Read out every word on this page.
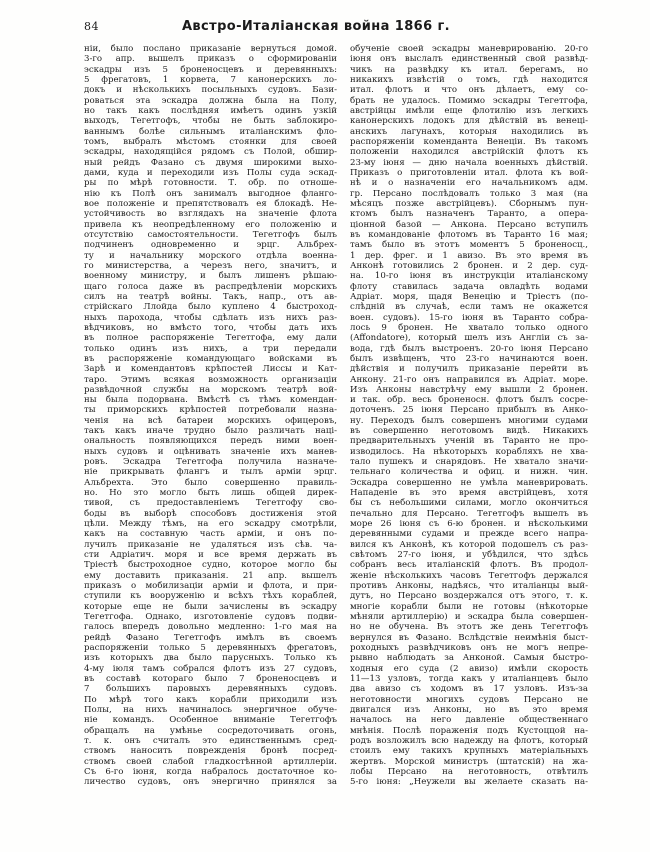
84	Австро-Италіанская война 1866 г.
ніи, было послано приказаніе вернуться домой.
3-го апр. вышелъ приказъ о сформированіи
эскадры изъ 5 броненосцевъ и деревянныхъ:
5 фрегатовъ, 1 корвета, 7 канонерскихъ ло-
докъ и нѣсколькихъ посыльныхъ судовъ. Бази-
роваться эта эскадра должна была на Полу,
но такъ какъ послѣдняя имѣетъ одинъ узкій
выходъ, Тегетгофъ, чтобы не быть заблокиро-
ваннымъ болѣе сильнымъ италіанскимъ фло-
томъ, выбралъ мѣстомъ стоянки для своей
эскадры, находящійся рядомъ съ Полой, обшир-
ный рейдъ Фазано съ двумя широкими выхо-
дами, куда и переходили изъ Полы суда эскад-
ры по мѣрѣ готовности. Т. обр. по отноше-
нію къ Полѣ онъ занималъ выгодное фланго-
вое положеніе и препятствовалъ ея блокадѣ. Не-
устойчивость во взглядахъ на значеніе флота
привела къ неопредѣленному его положенію и
отсутствію самостоятельности. Тегетгофъ былъ
подчиненъ одновременно и эрцг. Альбрех-
ту и начальнику морского отдѣла военна-
го министерства, а черезъ него, значитъ, и
военному министру, и былъ лишенъ рѣшаю-
щаго голоса даже въ распредѣленіи морскихъ
силъ на театрѣ войны. Такъ, напр., отъ ав-
стрійскаго Ллойда было куплено 4 быстроход-
ныхъ парохода, чтобы сдѣлать изъ нихъ раз-
вѣдчиковъ, но вмѣсто того, чтобы дать ихъ
въ полное распоряженіе Тегетгофа, ему дали
только одинъ изъ нихъ, а три передали
въ распоряженіе командующаго войсками въ
Зарѣ и комендантовъ крѣпостей Лиссы и Кат-
таро. Этимъ всякая возможность организаціи
развѣдочной службы на морскомъ театрѣ вой-
ны была подорвана. Вмѣстѣ съ тѣмъ комендан-
ты приморскихъ крѣпостей потребовали назна-
ченія на всѣ батареи морскихъ офицеровъ,
такъ какъ иначе трудно было различать наці-
ональность появляющихся передъ ними воен-
ныхъ судовъ и оцѣнивать значеніе ихъ манев-
ровъ. Эскадра Тегетгофа получила назначе-
ніе прикрывать флангъ и тылъ арміи эрцг.
Альбрехта. Это было совершенно правиль-
но. Но это могло быть лишь общей дирек-
тивой, съ предоставленіемъ Тегетгофу сво-
боды въ выборѣ способовъ достиженія этой
цѣли. Между тѣмъ, на его эскадру смотрѣли,
какъ на составную часть арміи, и онъ по-
лучилъ приказаніе не удаляться изъ сѣв. ча-
сти Адріатич. моря и все время держать въ
Тріестѣ быстроходное судно, которое могло бы
ему доставить приказанія. 21 апр. вышелъ
приказъ о мобилизаціи арміи и флота, и при-
ступили къ вооруженію и всѣхъ тѣхъ кораблей,
которые еще не были зачислены въ эскадру
Тегетгофа. Однако, изготовленіе судовъ подви-
галось впередъ довольно медленно: 1-го мая на
рейдѣ Фазано Тегетгофъ имѣлъ въ своемъ
распоряженіи только 5 деревянныхъ фрегатовъ,
изъ которыхъ два было парусныхъ. Только къ
4-му іюля тамъ собрался флотъ изъ 27 судовъ,
въ составѣ котораго было 7 броненосцевъ и
7 большихъ паровыхъ деревянныхъ судовъ.
По мѣрѣ того какъ корабли приходили изъ
Полы, на нихъ начиналось энергичное обуче-
ніе командъ. Особенное вниманіе Тегетгофъ
обращалъ на умѣнье сосредоточивать огонь,
т. к. онъ считалъ это единственнымъ сред-
ствомъ наносить поврежденія бронѣ посред-
ствомъ своей слабой гладкостѣнной артиллеріи.
Съ 6-го іюня, когда набралось достаточное ко-
личество судовъ, онъ энергично принялся за
обученіе своей эскадры маневрированію. 20-го
іюня онъ выслалъ единственный свой развѣд-
чикъ на развѣдку къ итал. берегамъ, но
никакихъ извѣстій о томъ, гдѣ находится
итал. флотъ и что онъ дѣлаетъ, ему со-
брать не удалось. Помимо эскадры Тегетгофа,
австрійцы имѣли еще флотилію изъ легкихъ
канонерскихъ лодокъ для дѣйствій въ венеці-
анскихъ лагунахъ, которыя находились въ
распоряженіи коменданта Венеціи. Въ такомъ
положеніи находился австрійскій флотъ къ
23-му іюня — дню начала военныхъ дѣйствій.
Приказъ о приготовленіи итал. флота къ вой-
нѣ и о назначеніи его начальникомъ адм.
гр. Персано послѣдовалъ только 3 мая (на
мѣсяцъ позже австрійцевъ). Сборнымъ пун-
ктомъ былъ назначенъ Таранто, а опера-
ціонной базой — Анкона. Персано вступилъ
въ командованіе флотомъ въ Таранто 16 мая;
тамъ было въ этотъ моментъ 5 броненосц.,
1 дер. фрег. и 1 авизо. Въ это время въ
Анконѣ готовились 2 бронен. и 2 дер. суд-
на. 10-го іюня въ инструкціи италіанскому
флоту ставилась задача овладѣть водами
Адріат. моря, щадя Венецію и Тріестъ (по-
слѣдній въ случаѣ, если тамъ не окажется
воен. судовъ). 15-го іюня въ Таранто собра-
лось 9 бронен. Не хватало только одного
(Affondatore), который шелъ изъ Англіи съ за-
вода, гдѣ былъ выстроенъ. 20-го іюня Персано
былъ извѣщенъ, что 23-го начинаются воен.
дѣйствія и получилъ приказаніе перейти въ
Анкону. 21-го онъ направился въ Адріат. море.
Изъ Анконы навстрѣчу ему вышли 2 бронен.
и так. обр. весь броненосн. флотъ былъ сосре-
доточенъ. 25 іюня Персано прибылъ въ Анко-
ну. Переходъ былъ совершенъ многими судами
въ совершенно неготовомъ видѣ. Никакихъ
предварительныхъ ученій въ Таранто не про-
изводилось. На нѣкоторыхъ корабляхъ не хва-
тало пушекъ и снарядовъ. Не хватало значи-
тельнаго количества и офиц. и нижн. чин.
Эскадра совершенно не умѣла маневрировать.
Нападеніе въ это время австрійцевъ, хотя
бы съ небольшими силами, могло окончиться
печально для Персано. Тегетгофъ вышелъ въ
море 26 іюня съ 6-ю бронен. и нѣсколькими
деревянными судами и прежде всего напра-
вился къ Анконѣ, къ которой подошелъ съ раз-
свѣтомъ 27-го іюня, и убѣдился, что здѣсь
собранъ весь италіанскій флотъ. Въ продол-
женіе нѣсколькихъ часовъ Тегетгофъ держался
противъ Анконы, надѣясь, что италіанцы вый-
дутъ, но Персано воздержался отъ этого, т. к.
многіе корабли были не готовы (нѣкоторые
мѣняли артиллерію) и эскадра была совершен-
но не обучена. Въ этотъ же день Тегетгофъ
вернулся въ Фазано. Вслѣдствіе неимѣнія быст-
роходныхъ развѣдчиковъ онъ не могъ непре-
рывно наблюдать за Анконой. Самыя быстро-
ходныя его суда (2 авизо) имѣли скорость
11—13 узловъ, тогда какъ у италіанцевъ было
два авизо съ ходомъ въ 17 узловъ. Изъ-за
неготовности многихъ судовъ Персано не
двигался изъ Анконы, но въ это время
началось на него давленіе общественнаго
мнѣнія. Послѣ пораженія подъ Кустоццой на-
родъ возложилъ всю надежду на флотъ, который
стоилъ ему такихъ крупныхъ матеріальныхъ
жертвъ. Морской министръ (штатскій) на жа-
лобы Персано на неготовность, отвѣтилъ
5-го іюня: „Неужели вы желаете сказать на-
